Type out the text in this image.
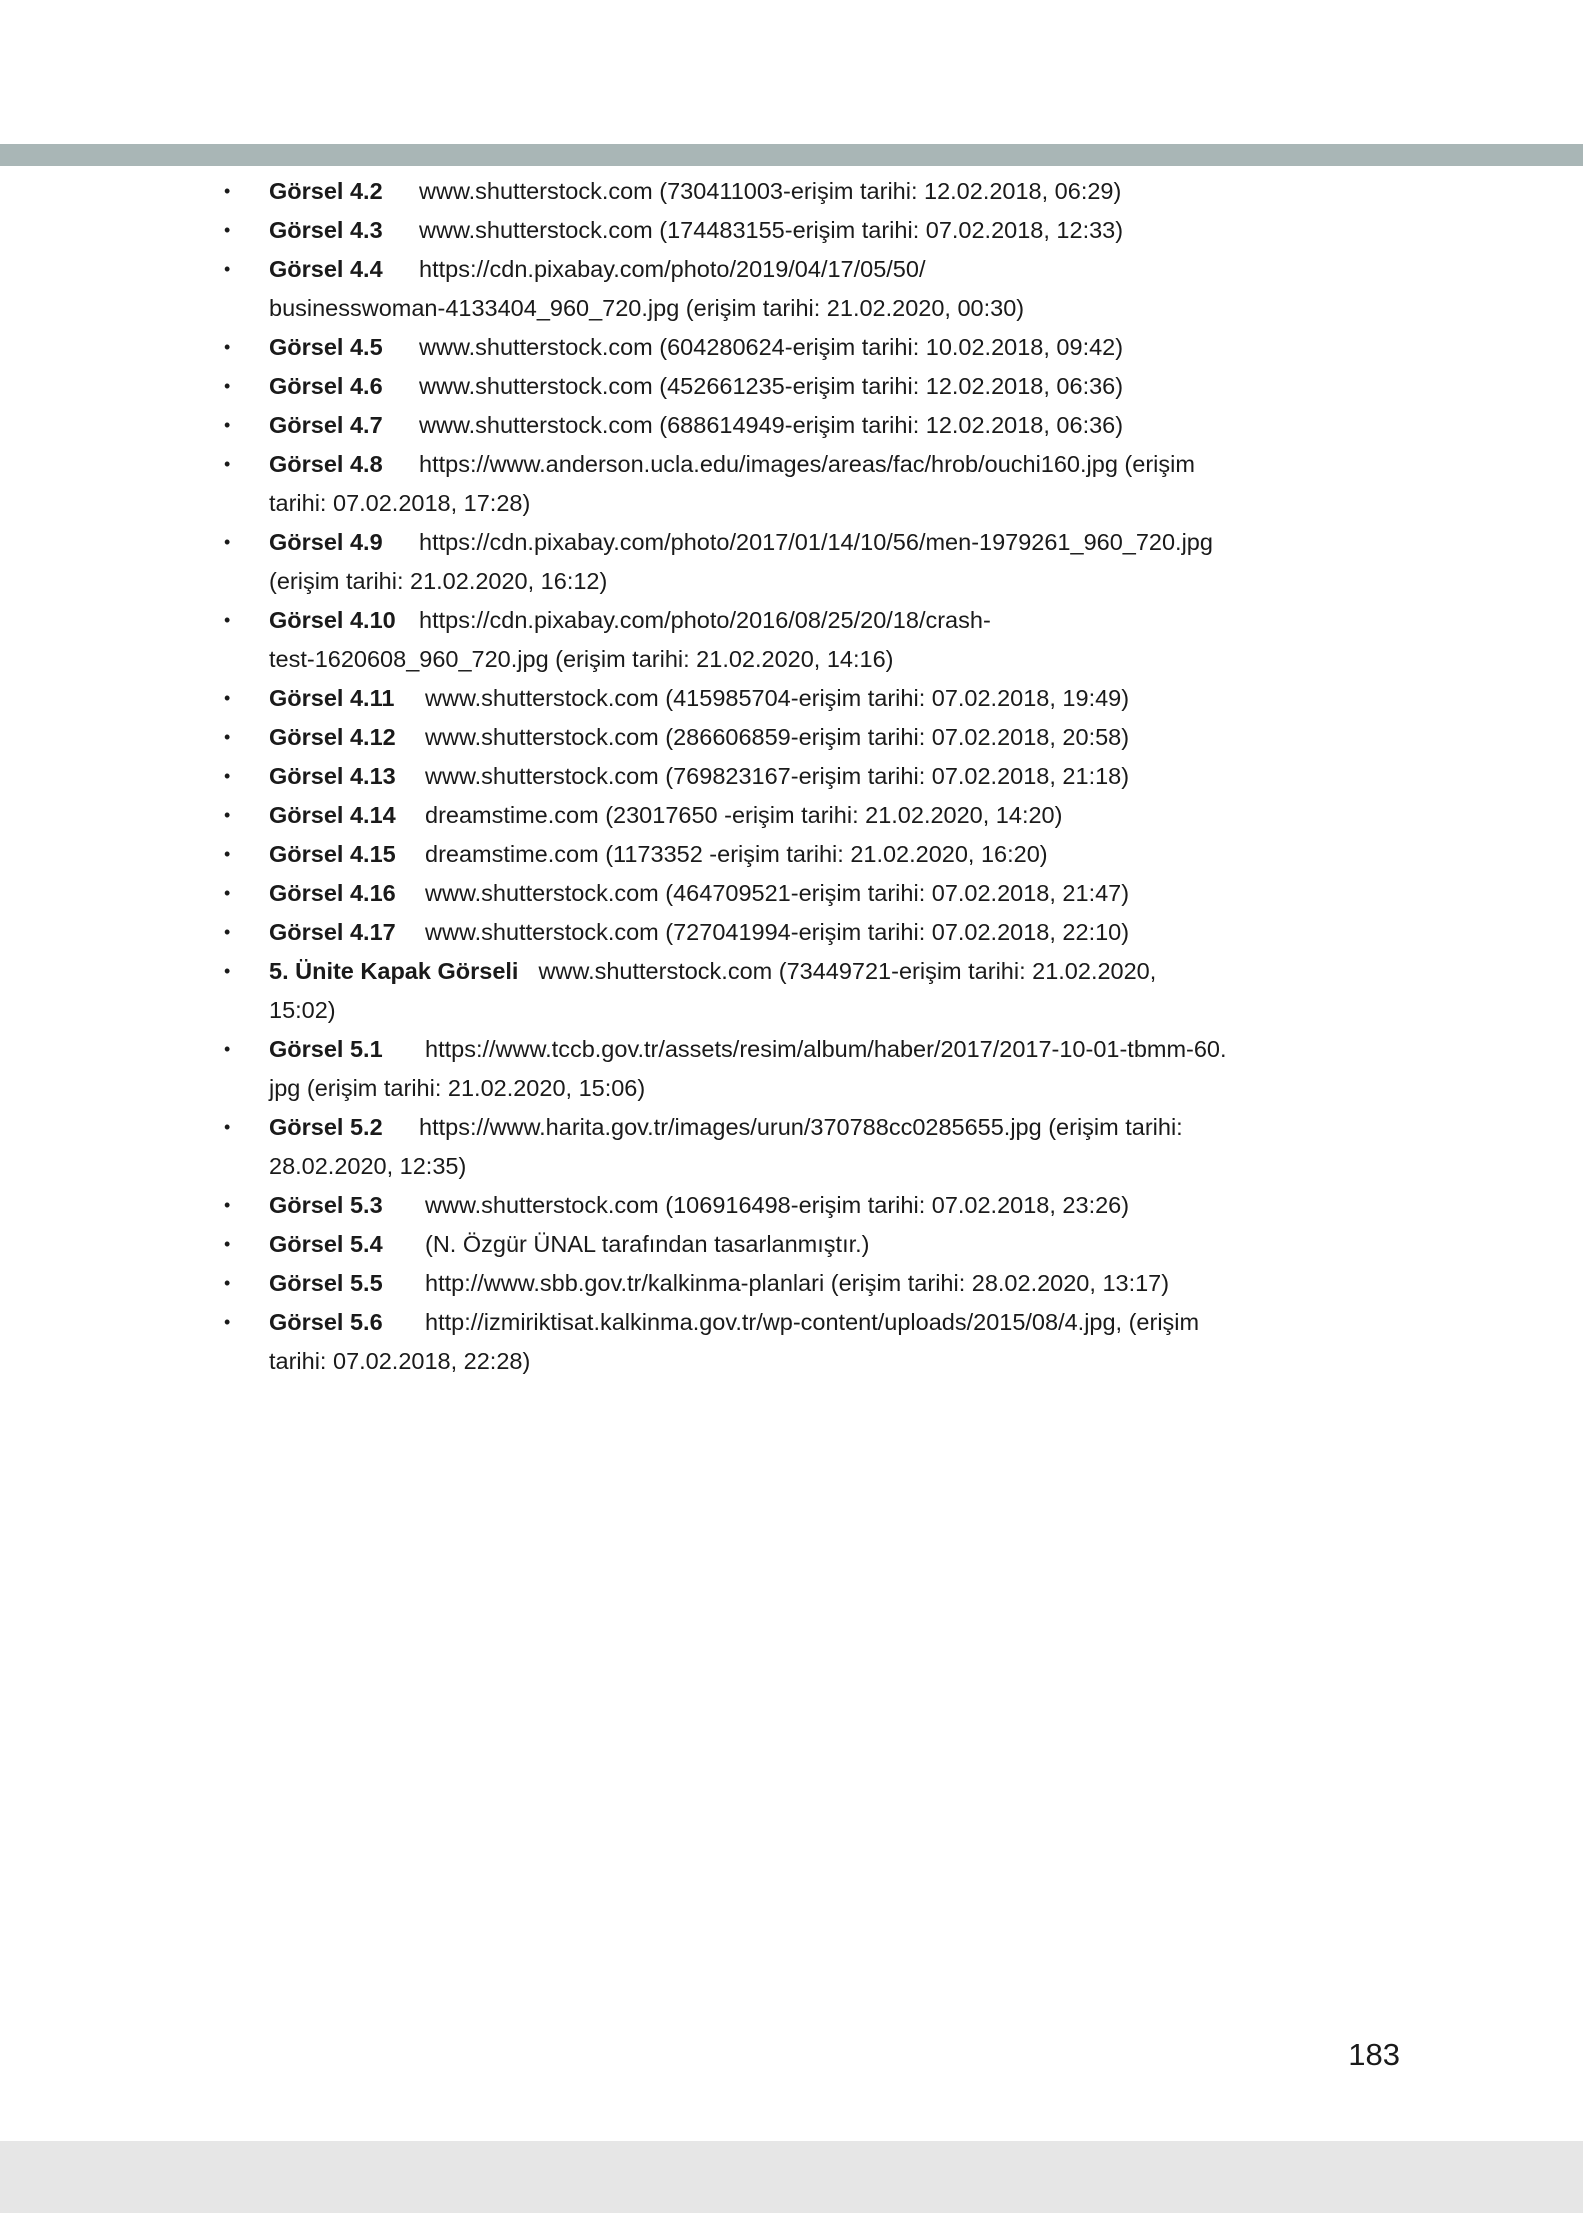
•	Görsel 4.2 www.shutterstock.com (730411003-erişim tarihi: 12.02.2018, 06:29)
•	Görsel 4.3 www.shutterstock.com (174483155-erişim tarihi: 07.02.2018, 12:33)
•	Görsel 4.4 https://cdn.pixabay.com/photo/2019/04/17/05/50/
businesswoman-4133404_960_720.jpg (erişim tarihi: 21.02.2020, 00:30)
•	Görsel 4.5 www.shutterstock.com (604280624-erişim tarihi: 10.02.2018, 09:42)
•	Görsel 4.6 www.shutterstock.com (452661235-erişim tarihi: 12.02.2018, 06:36)
•	Görsel 4.7 www.shutterstock.com (688614949-erişim tarihi: 12.02.2018, 06:36)
•	Görsel 4.8 https://www.anderson.ucla.edu/images/areas/fac/hrob/ouchi160.jpg (erişim
tarihi: 07.02.2018, 17:28)
•	Görsel 4.9 https://cdn.pixabay.com/photo/2017/01/14/10/56/men-1979261_960_720.jpg
(erişim tarihi: 21.02.2020, 16:12)
•	Görsel 4.10 https://cdn.pixabay.com/photo/2016/08/25/20/18/crash-
test-1620608_960_720.jpg (erişim tarihi: 21.02.2020, 14:16)
•	Görsel 4.11 www.shutterstock.com (415985704-erişim tarihi: 07.02.2018, 19:49)
•	Görsel 4.12 www.shutterstock.com (286606859-erişim tarihi: 07.02.2018, 20:58)
•	Görsel 4.13 www.shutterstock.com (769823167-erişim tarihi: 07.02.2018, 21:18)
•	Görsel 4.14 dreamstime.com (23017650 -erişim tarihi: 21.02.2020, 14:20)
•	Görsel 4.15 dreamstime.com (1173352 -erişim tarihi: 21.02.2020, 16:20)
•	Görsel 4.16 www.shutterstock.com (464709521-erişim tarihi: 07.02.2018, 21:47)
•	Görsel 4.17 www.shutterstock.com (727041994-erişim tarihi: 07.02.2018, 22:10)
•	5. Ünite Kapak Görseli www.shutterstock.com (73449721-erişim tarihi: 21.02.2020,
15:02)
•	Görsel 5.1 https://www.tccb.gov.tr/assets/resim/album/haber/2017/2017-10-01-tbmm-60.
jpg (erişim tarihi: 21.02.2020, 15:06)
•	Görsel 5.2 https://www.harita.gov.tr/images/urun/370788cc0285655.jpg (erişim tarihi:
28.02.2020, 12:35)
•	Görsel 5.3 www.shutterstock.com (106916498-erişim tarihi: 07.02.2018, 23:26)
•	Görsel 5.4 (N. Özgür ÜNAL tarafından tasarlanmıştır.)
•	Görsel 5.5 http://www.sbb.gov.tr/kalkinma-planlari (erişim tarihi: 28.02.2020, 13:17)
•	Görsel 5.6 http://izmiriktisat.kalkinma.gov.tr/wp-content/uploads/2015/08/4.jpg, (erişim
tarihi: 07.02.2018, 22:28)
183
